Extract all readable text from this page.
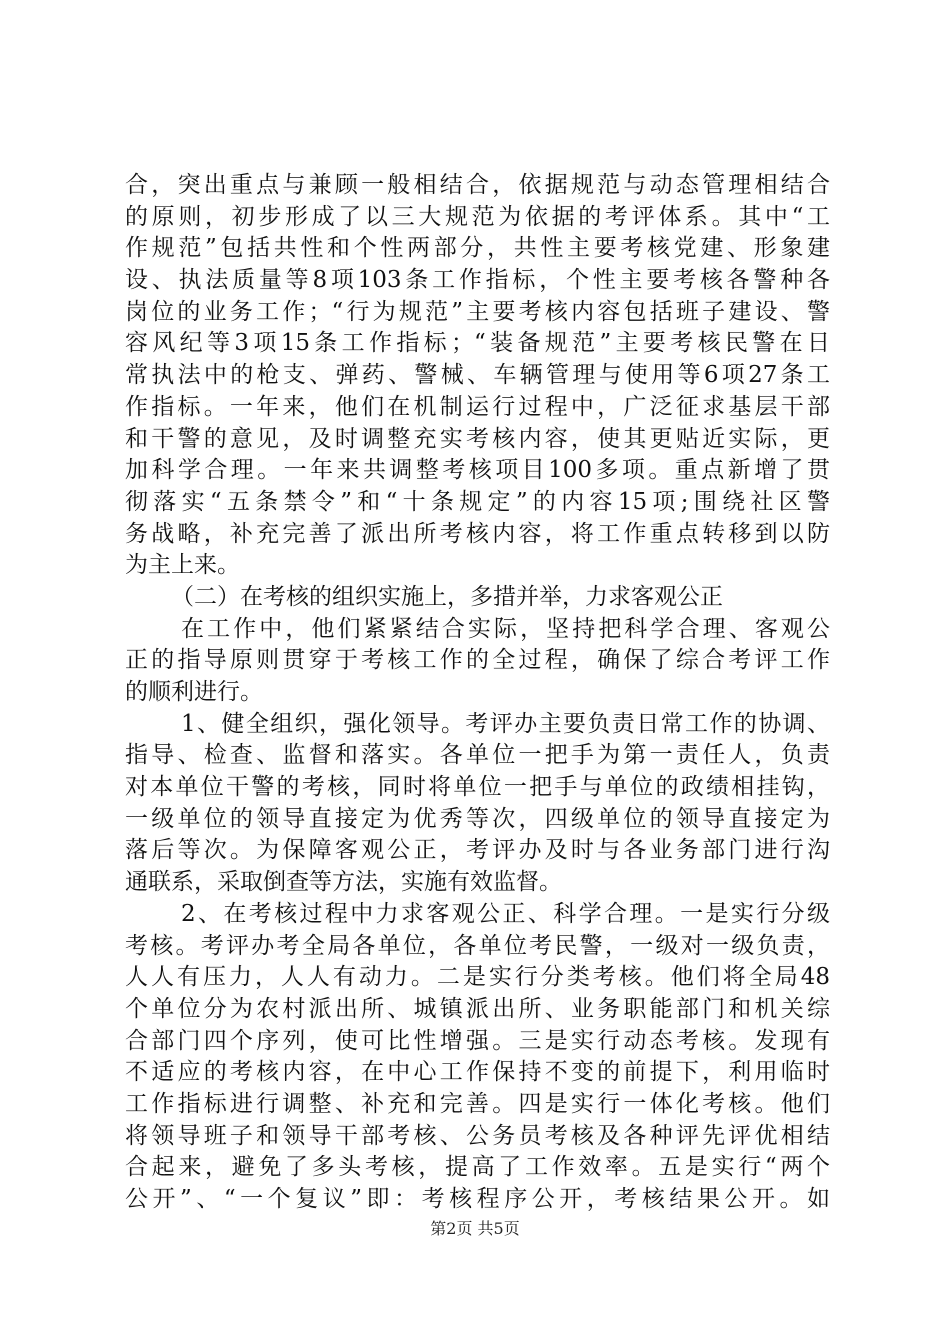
合，突出重点与兼顾一般相结合，依据规范与动态管理相结合
的原则，初步形成了以三大规范为依据的考评体系。其中“工
作规范”包括共性和个性两部分，共性主要考核党建、形象建
设、执法质量等8项103条工作指标，个性主要考核各警种各
岗位的业务工作；“行为规范”主要考核内容包括班子建设、警
容风纪等3项15条工作指标；“装备规范”主要考核民警在日
常执法中的枪支、弹药、警械、车辆管理与使用等6项27条工
作指标。一年来，他们在机制运行过程中，广泛征求基层干部
和干警的意见，及时调整充实考核内容，使其更贴近实际，更
加科学合理。一年来共调整考核项目100多项。重点新增了贯
彻落实“五条禁令”和“十条规定”的内容15项;围绕社区警
务战略，补充完善了派出所考核内容，将工作重点转移到以防
为主上来。
（二）在考核的组织实施上，多措并举，力求客观公正
在工作中，他们紧紧结合实际，坚持把科学合理、客观公
正的指导原则贯穿于考核工作的全过程，确保了综合考评工作
的顺利进行。
1、健全组织，强化领导。考评办主要负责日常工作的协调、
指导、检查、监督和落实。各单位一把手为第一责任人，负责
对本单位干警的考核，同时将单位一把手与单位的政绩相挂钩，
一级单位的领导直接定为优秀等次，四级单位的领导直接定为
落后等次。为保障客观公正，考评办及时与各业务部门进行沟
通联系，采取倒查等方法，实施有效监督。
2、在考核过程中力求客观公正、科学合理。一是实行分级
考核。考评办考全局各单位，各单位考民警，一级对一级负责，
人人有压力，人人有动力。二是实行分类考核。他们将全局48
个单位分为农村派出所、城镇派出所、业务职能部门和机关综
合部门四个序列，使可比性增强。三是实行动态考核。发现有
不适应的考核内容，在中心工作保持不变的前提下，利用临时
工作指标进行调整、补充和完善。四是实行一体化考核。他们
将领导班子和领导干部考核、公务员考核及各种评先评优相结
合起来，避免了多头考核，提高了工作效率。五是实行“两个
公开”、“一个复议”即：考核程序公开，考核结果公开。如
第2页 共5页
